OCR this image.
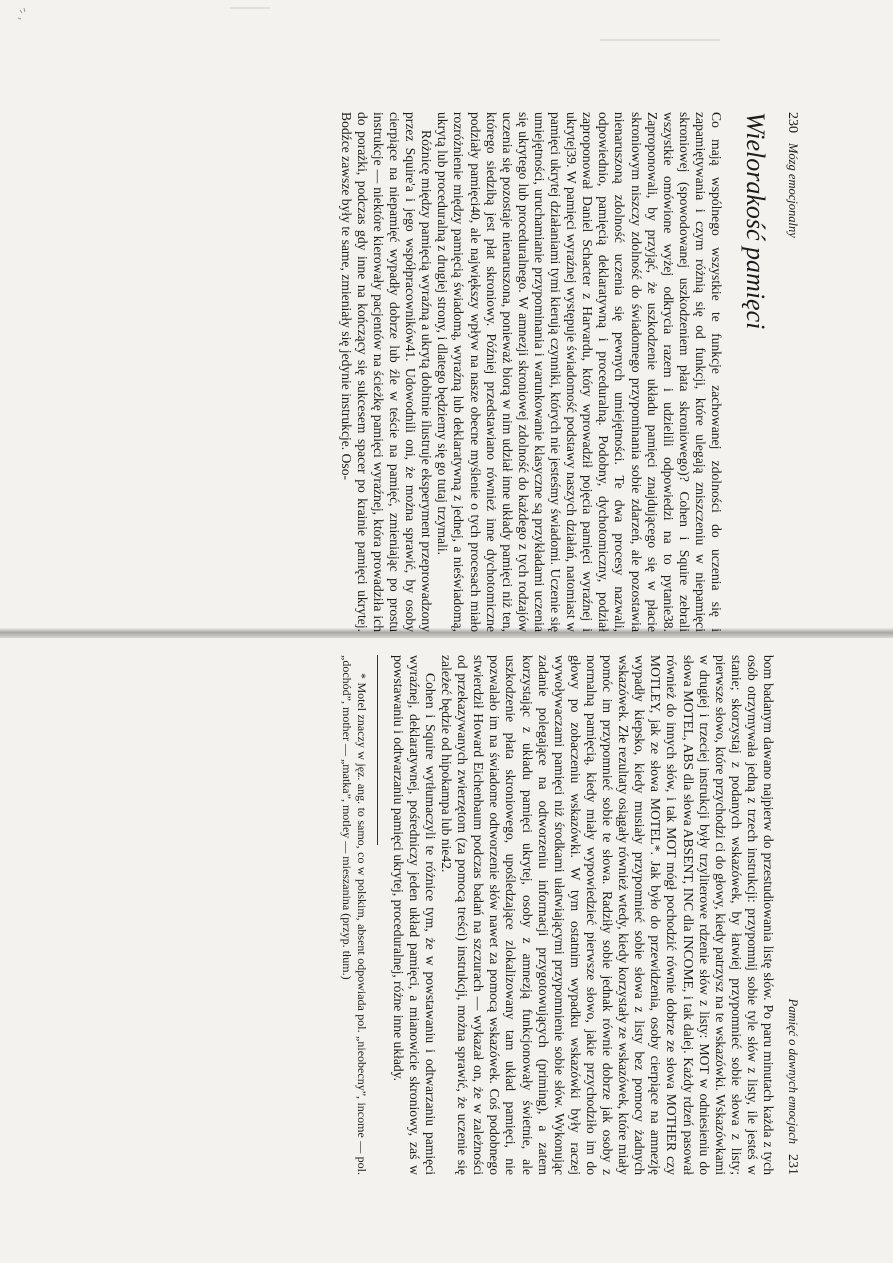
230
Mózg emocjonalny
Wielorakość pamięci

Co mają wspólnego wszystkie te funkcje zachowanej zdolności do uczenia się i zapamiętywania i czym różnią się od funkcji, które ulegają zniszczeniu w niepamięci skroniowej (spowodowanej uszkodzeniem płata skroniowego)? Cohen i Squire zebrali wszystkie omówione wyżej odkrycia razem i udzielili odpowiedzi na to pytanie38. Zaproponowali, by przyjąć, że uszkodzenie układu pamięci znajdującego się w płacie skroniowym niszczy zdolność do świadomego przypominania sobie zdarzeń, ale pozostawia nienaruszoną zdolność uczenia się pewnych umiejętności. Te dwa procesy nazwali, odpowiednio, pamięcią deklaratywną i proceduralną. Podobny, dychotomiczny, podział zaproponował Daniel Schacter z Harvardu, który wprowadził pojęcia pamięci wyraźnej i ukrytej39. W pamięci wyraźnej występuje świadomość podstawy naszych działań, natomiast w pamięci ukrytej działaniami tymi kierują czynniki, których nie jesteśmy świadomi. Uczenie się umiejętności, uruchamianie przypominania i warunkowanie klasyczne są przykładami uczenia się ukrytego lub proceduralnego. W amnezji skroniowej zdolność do każdego z tych rodzajów uczenia się pozostaje nienaruszona, ponieważ biorą w nim udział inne układy pamięci niż ten, którego siedzibą jest płat skroniowy. Później przedstawiano również inne dychotomiczne podziały pamięci40, ale największy wpływ na nasze obecne myślenie o tych procesach miało rozróżnienie między pamięcią świadomą, wyraźną lub deklaratywną z jednej, a nieświadomą, ukrytą lub proceduralną z drugiej strony, i dlatego będziemy się go tutaj trzymali.

Różnicę między pamięcią wyraźną a ukrytą dobitnie ilustruje eksperyment przeprowadzony przez Squire'a i jego współpracowników41. Udowodnili oni, że można sprawić, by osoby cierpiące na niepamięć wypadły dobrze lub źle w teście na pamięć, zmieniając po prostu instrukcje — niektóre kierowały pacjentów na ścieżkę pamięci wyraźnej, która prowadziła ich do porażki, podczas gdy inne na kończący się sukcesem spacer po krainie pamięci ukrytej. Bodźce zawsze były te same, zmieniały się jedynie instrukcje. Oso-

Pamięć o dawnych emocjach
231

bom badanym dawano najpierw do przestudiowania listę słów. Po paru minutach każda z tych osób otrzymywała jedną z trzech instrukcji: przypomnij sobie tyle słów z listy, ile jesteś w stanie; skorzystaj z podanych wskazówek, by łatwiej przypomnieć sobie słowa z listy; pierwsze słowo, które przychodzi ci do głowy, kiedy patrzysz na te wskazówki. Wskazówkami w drugiej i trzeciej instrukcji były trzyliterowe rdzenie słów z listy: MOT w odniesieniu do słowa MOTEL, ABS dla słowa ABSENT, INC dla INCOME, i tak dalej. Każdy rdzeń pasował również do innych słów, i tak MOT mógł pochodzić równie dobrze ze słowa MOTHER czy MOTLEY, jak ze słowa MOTEL*. Jak było do przewidzenia, osoby cierpiące na amnezję wypadły kiepsko, kiedy musiały przypomnieć sobie słowa z listy bez pomocy żadnych wskazówek. Złe rezultaty osiągały również wtedy, kiedy korzystały ze wskazówek, które miały pomóc im przypomnieć sobie te słowa. Radziły sobie jednak równie dobrze jak osoby z normalną pamięcią, kiedy miały wypowiedzieć pierwsze słowo, jakie przychodziło im do głowy po zobaczeniu wskazówki. W tym ostatnim wypadku wskazówki były raczej wywoływaczami pamięci niż środkami ułatwiającymi przypomnienie sobie słów. Wykonując zadanie polegające na odtworzeniu informacji przygotowujących (priming), a zatem korzystając z układu pamięci ukrytej, osoby z amnezją funkcjonowały świetnie, ale uszkodzenie płata skroniowego, upośledzające zlokalizowany tam układ pamięci, nie pozwalało im na świadome odtworzenie słów nawet za pomocą wskazówek. Coś podobnego stwierdził Howard Eichenbaum podczas badań na szczurach — wykazał on, że w zależności od przekazywanych zwierzętom (za pomocą treści) instrukcji, można sprawić, że uczenie się zależeć będzie od hipokampa lub nie42.

Cohen i Squire wytłumaczyli te różnice tym, że w powstawaniu i odtwarzaniu pamięci wyraźnej, deklaratywnej, pośredniczy jeden układ pamięci, a mianowicie skroniowy, zaś w powstawaniu i odtwarzaniu pamięci ukrytej, proceduralnej, różne inne układy.

* Motel znaczy w jęz. ang. to samo, co w polskim, absent odpowiada pol. „nieobecny”, income — pol. „dochód”, mother — „matka”, motley — mieszanina (przyp. tłum.)
